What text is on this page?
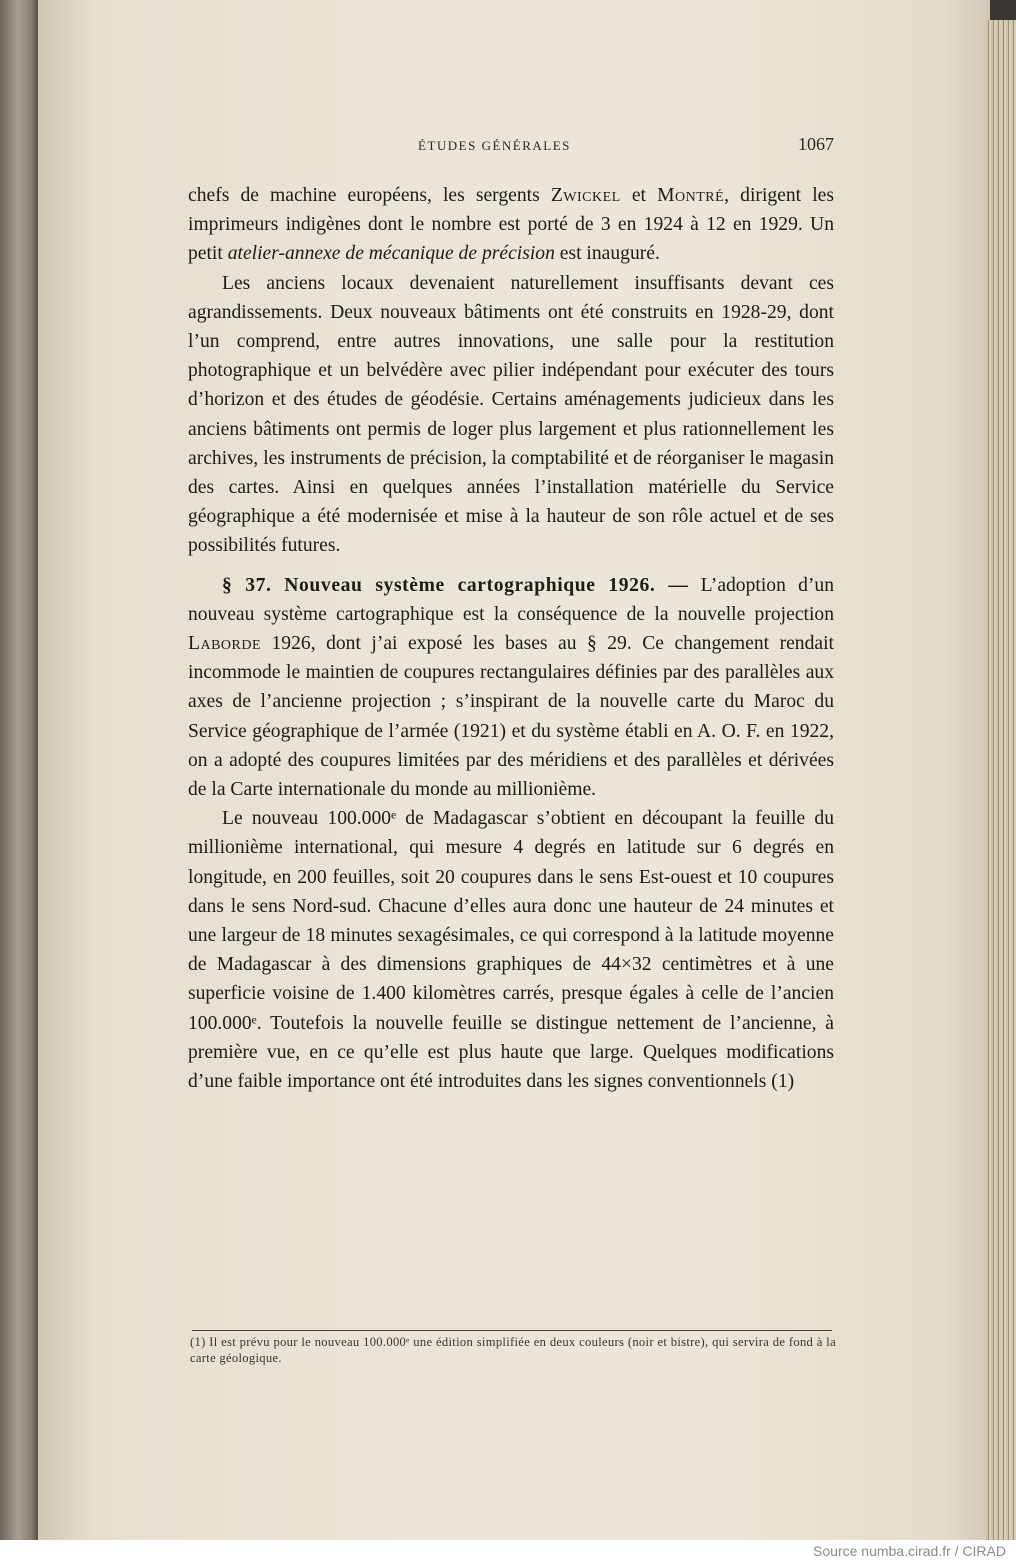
ÉTUDES GÉNÉRALES	1067

chefs de machine européens, les sergents Zwickel et Montré, dirigent les imprimeurs indigènes dont le nombre est porté de 3 en 1924 à 12 en 1929. Un petit atelier-annexe de mécanique de précision est inauguré.

Les anciens locaux devenaient naturellement insuffisants devant ces agrandissements. Deux nouveaux bâtiments ont été construits en 1928-29, dont l’un comprend, entre autres innovations, une salle pour la restitution photographique et un belvédère avec pilier indépendant pour exécuter des tours d’horizon et des études de géodésie. Certains aménagements judicieux dans les anciens bâtiments ont permis de loger plus largement et plus rationnellement les archives, les instruments de précision, la comptabilité et de réorganiser le magasin des cartes. Ainsi en quelques années l’installation matérielle du Service géographique a été modernisée et mise à la hauteur de son rôle actuel et de ses possibilités futures.

§ 37. Nouveau système cartographique 1926. — L’adoption d’un nouveau système cartographique est la conséquence de la nouvelle projection Laborde 1926, dont j’ai exposé les bases au § 29. Ce changement rendait incommode le maintien de coupures rectangulaires définies par des parallèles aux axes de l’ancienne projection ; s’inspirant de la nouvelle carte du Maroc du Service géographique de l’armée (1921) et du système établi en A. O. F. en 1922, on a adopté des coupures limitées par des méridiens et des parallèles et dérivées de la Carte internationale du monde au millionième.

Le nouveau 100.000ᵉ de Madagascar s’obtient en découpant la feuille du millionième international, qui mesure 4 degrés en latitude sur 6 degrés en longitude, en 200 feuilles, soit 20 coupures dans le sens Est-ouest et 10 coupures dans le sens Nord-sud. Chacune d’elles aura donc une hauteur de 24 minutes et une largeur de 18 minutes sexagésimales, ce qui correspond à la latitude moyenne de Madagascar à des dimensions graphiques de 44×32 centimètres et à une superficie voisine de 1.400 kilomètres carrés, presque égales à celle de l’ancien 100.000ᵉ. Toutefois la nouvelle feuille se distingue nettement de l’ancienne, à première vue, en ce qu’elle est plus haute que large. Quelques modifications d’une faible importance ont été introduites dans les signes conventionnels (1)

(1) Il est prévu pour le nouveau 100.000ᵉ une édition simplifiée en deux couleurs (noir et bistre), qui servira de fond à la carte géologique.

Source numba.cirad.fr / CIRAD
